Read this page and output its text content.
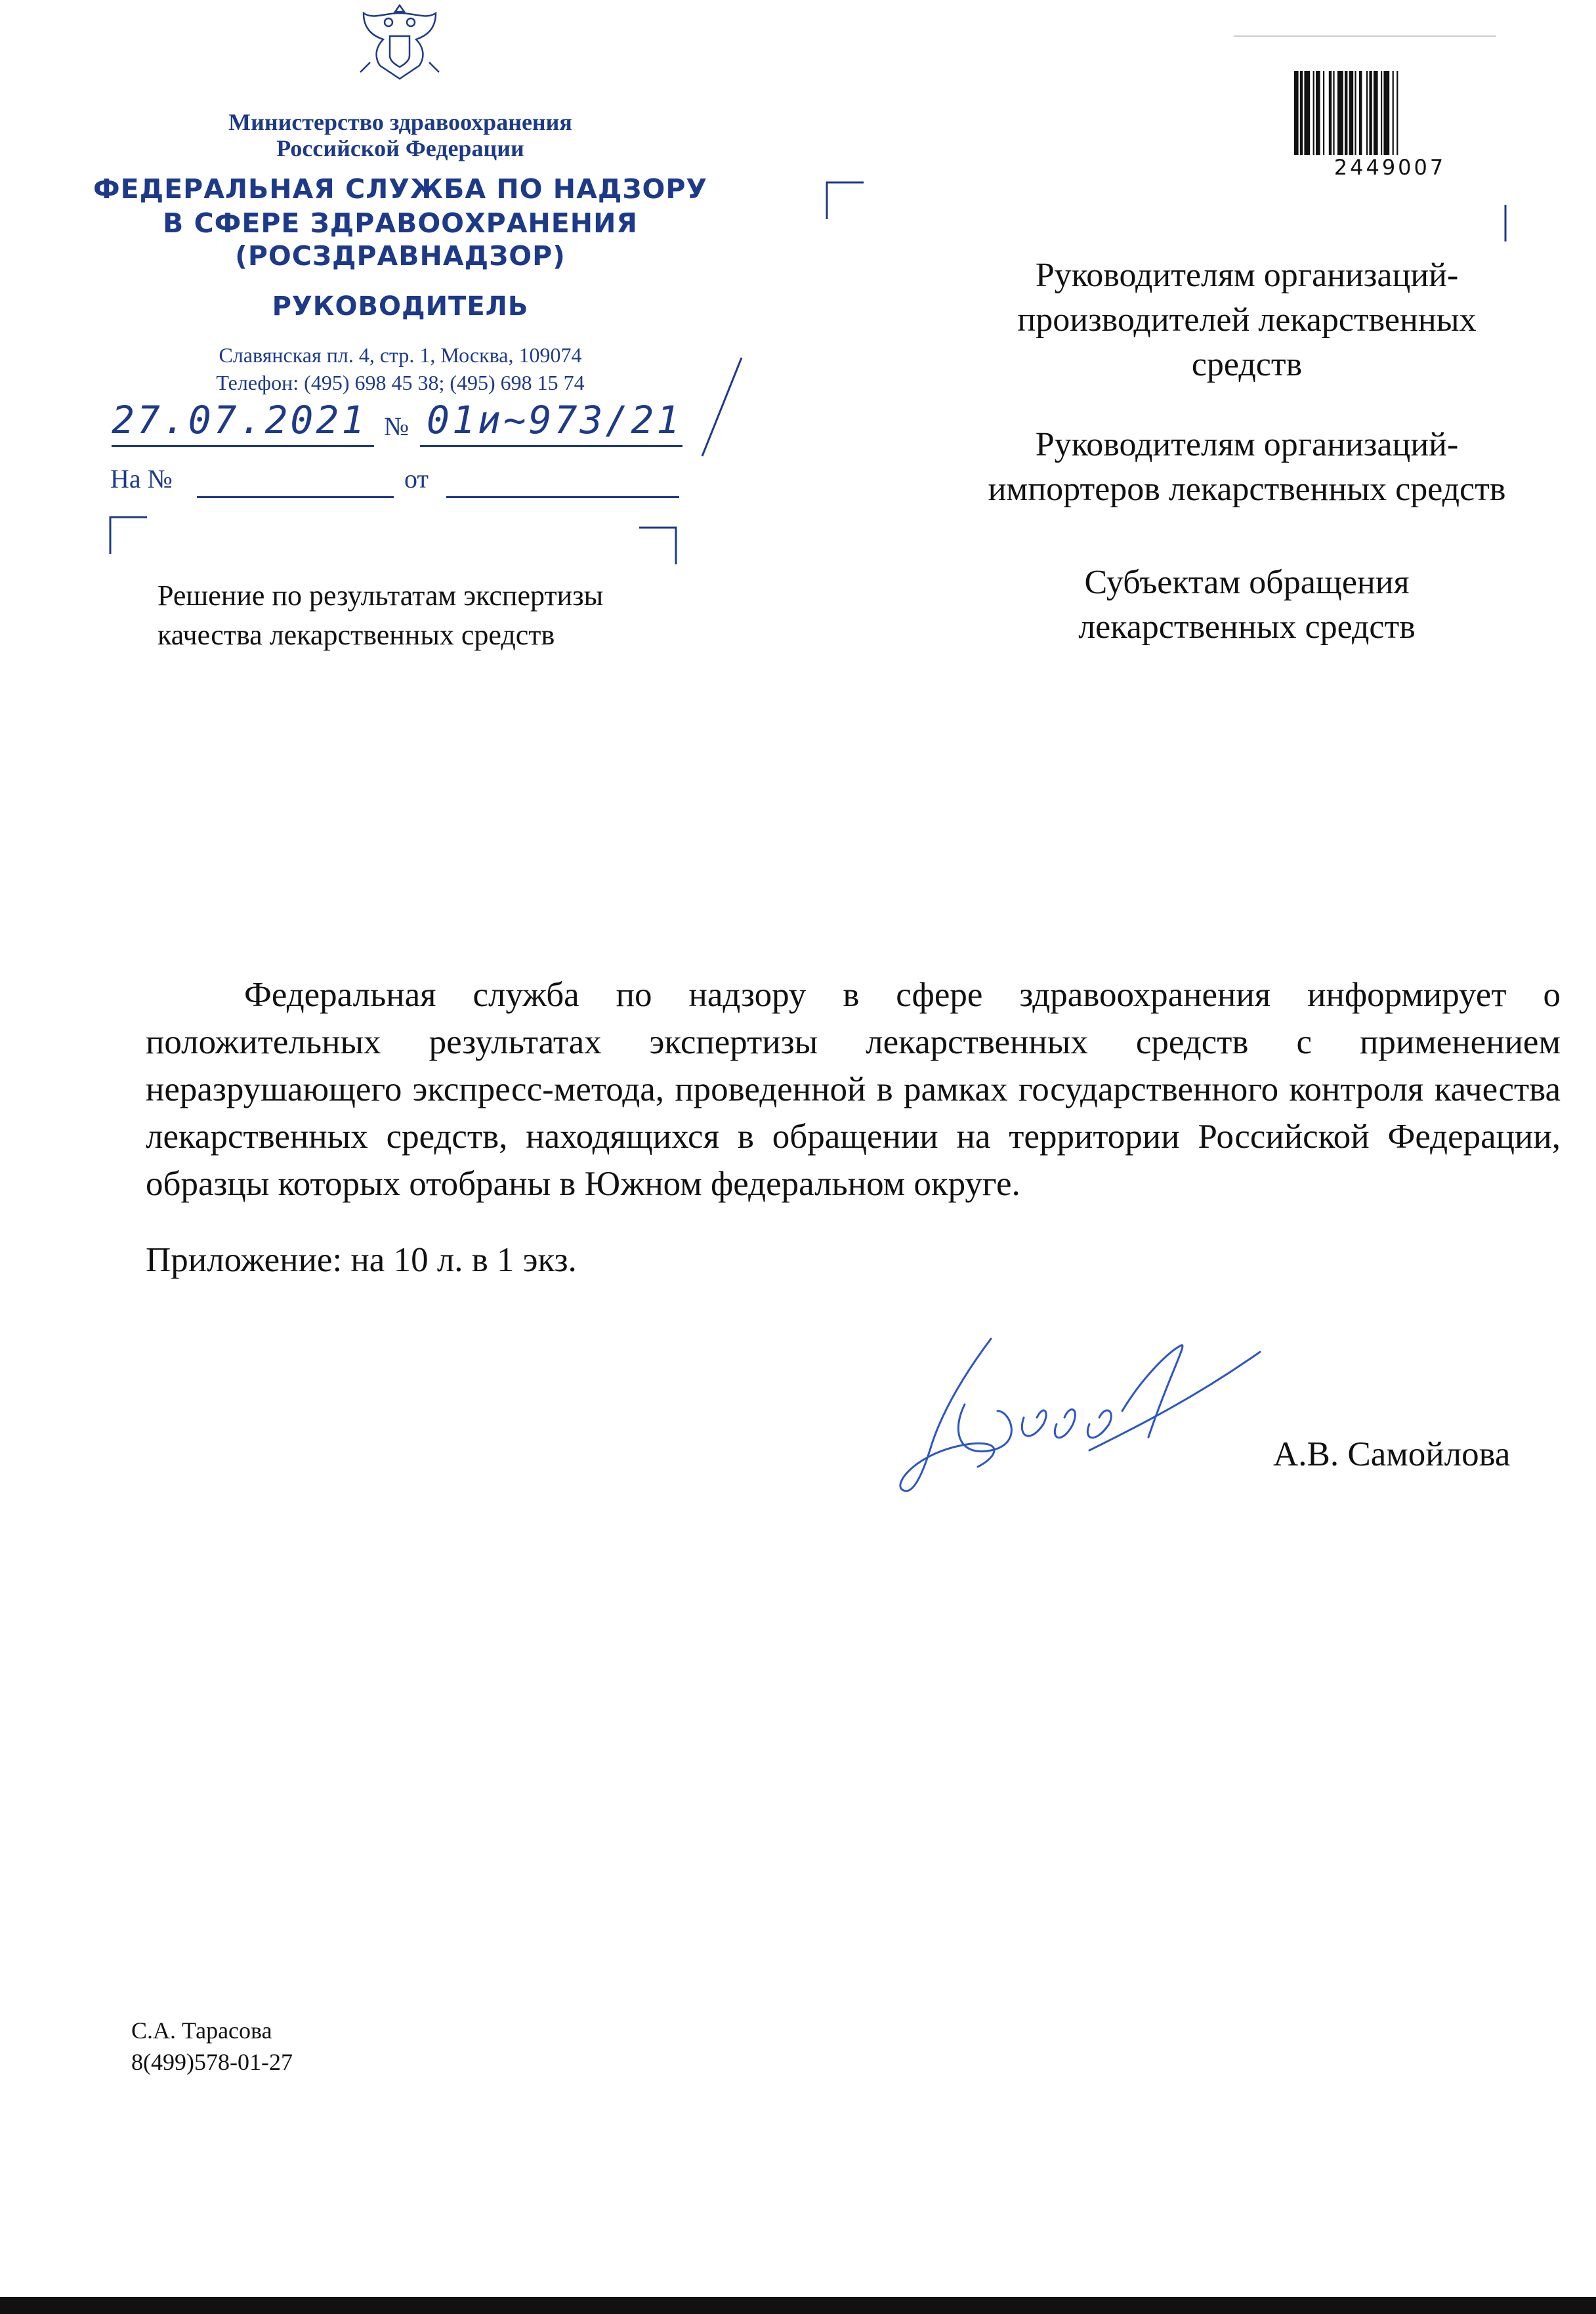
Министерство здравоохранения
Российской Федерации
ФЕДЕРАЛЬНАЯ СЛУЖБА ПО НАДЗОРУ
В СФЕРЕ ЗДРАВООХРАНЕНИЯ
(РОСЗДРАВНАДЗОР)
РУКОВОДИТЕЛЬ
Славянская пл. 4, стр. 1, Москва, 109074
Телефон: (495) 698 45 38; (495) 698 15 74
27.07.2021 № 01и~973/21
На №	от
Решение по результатам экспертизы
качества лекарственных средств
2449007
Руководителям организаций-
производителей лекарственных
средств
Руководителям организаций-
импортеров лекарственных средств
Субъектам обращения
лекарственных средств
Федеральная служба по надзору в сфере здравоохранения информирует о положительных результатах экспертизы лекарственных средств с применением неразрушающего экспресс-метода, проведенной в рамках государственного контроля качества лекарственных средств, находящихся в обращении на территории Российской Федерации, образцы которых отобраны в Южном федеральном округе.
Приложение: на 10 л. в 1 экз.
А.В. Самойлова
С.А. Тарасова
8(499)578-01-27
